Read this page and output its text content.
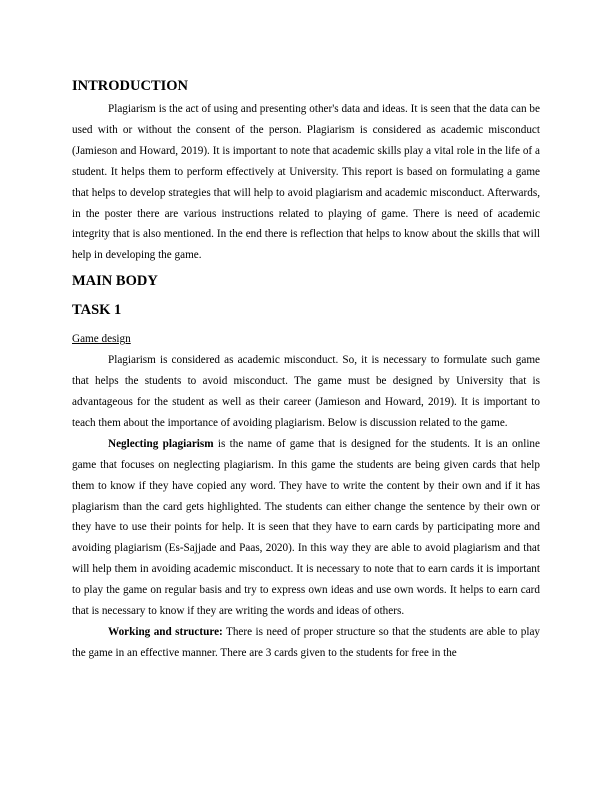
INTRODUCTION

Plagiarism is the act of using and presenting other's data and ideas. It is seen that the data can be used with or without the consent of the person. Plagiarism is considered as academic misconduct (Jamieson and Howard, 2019). It is important to note that academic skills play a vital role in the life of a student. It helps them to perform effectively at University. This report is based on formulating a game that helps to develop strategies that will help to avoid plagiarism and academic misconduct. Afterwards, in the poster there are various instructions related to playing of game. There is need of academic integrity that is also mentioned. In the end there is reflection that helps to know about the skills that will help in developing the game.

MAIN BODY
TASK 1
Game design

Plagiarism is considered as academic misconduct. So, it is necessary to formulate such game that helps the students to avoid misconduct. The game must be designed by University that is advantageous for the student as well as their career (Jamieson and Howard, 2019). It is important to teach them about the importance of avoiding plagiarism. Below is discussion related to the game.

Neglecting plagiarism is the name of game that is designed for the students. It is an online game that focuses on neglecting plagiarism. In this game the students are being given cards that help them to know if they have copied any word. They have to write the content by their own and if it has plagiarism than the card gets highlighted. The students can either change the sentence by their own or they have to use their points for help. It is seen that they have to earn cards by participating more and avoiding plagiarism (Es-Sajjade and Paas, 2020). In this way they are able to avoid plagiarism and that will help them in avoiding academic misconduct. It is necessary to note that to earn cards it is important to play the game on regular basis and try to express own ideas and use own words. It helps to earn card that is necessary to know if they are writing the words and ideas of others.

Working and structure: There is need of proper structure so that the students are able to play the game in an effective manner. There are 3 cards given to the students for free in the
